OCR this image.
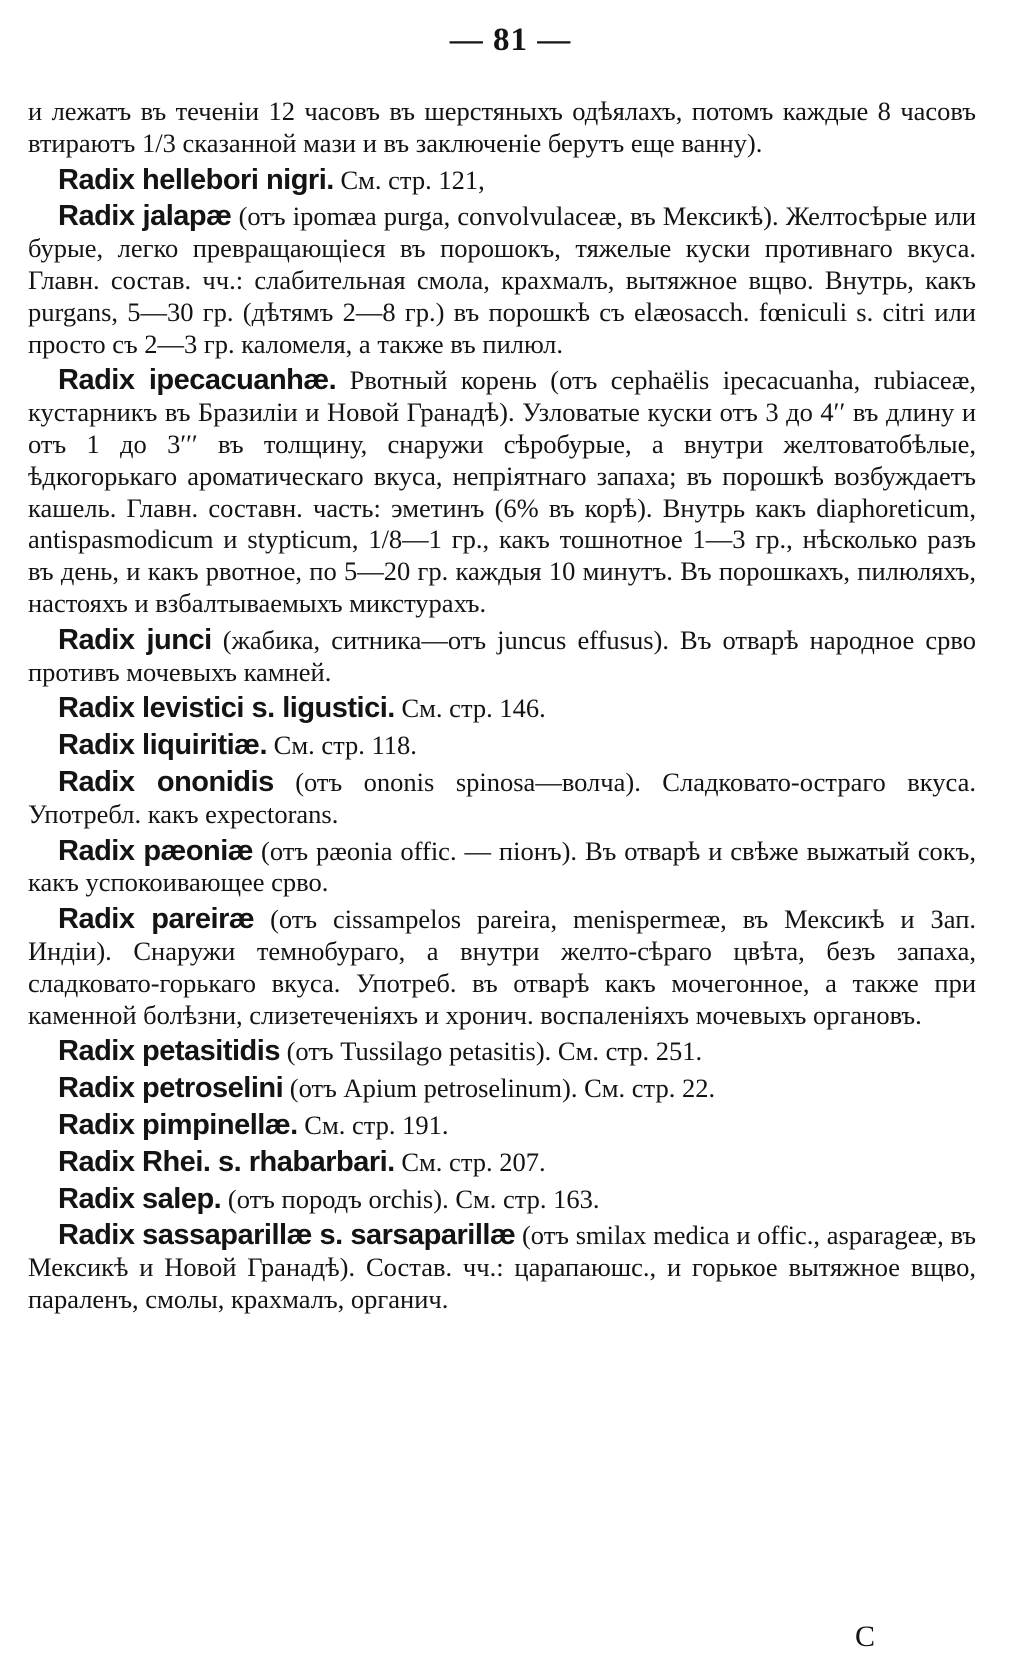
— 81 —

и лежатъ въ теченіи 12 часовъ въ шерстяныхъ одѣялахъ, потомъ каждые 8 часовъ втираютъ 1/3 сказанной мази и въ заключеніе берутъ еще ванну).

Radix hellebori nigri. См. стр. 121,

Radix jalapæ (отъ ipomæa purga, convolvulaceæ, въ Мексикѣ). Желтосѣрые или бурые, легко превращающіеся въ порошокъ, тяжелые куски противнаго вкуса. Главн. состав. чч.: слабительная смола, крахмалъ, вытяжное вщво. Внутрь, какъ purgans, 5—30 гр. (дѣтямъ 2—8 гр.) въ порошкѣ съ elæosacch. fœniculi s. citri или просто съ 2—3 гр. каломеля, а также въ пилюл.

Radix ipecacuanhæ. Рвотный корень (отъ cephaëlis ipecacuanha, rubiaceæ, кустарникъ въ Бразиліи и Новой Гранадѣ). Узловатые куски отъ 3 до 4′′ въ длину и отъ 1 до 3′′′ въ толщину, снаружи сѣробурые, а внутри желтоватобѣлые, ѣдкогорькаго ароматическаго вкуса, непріятнаго запаха; въ порошкѣ возбуждаетъ кашель. Главн. составн. часть: эметинъ (6% въ корѣ). Внутрь какъ diaphoreticum, antispasmodicum и stypticum, 1/8—1 гр., какъ тошнотное 1—3 гр., нѣсколько разъ въ день, и какъ рвотное, по 5—20 гр. каждыя 10 минутъ. Въ порошкахъ, пилюляхъ, настояхъ и взбалтываемыхъ микстурахъ.

Radix junci (жабика, ситника—отъ juncus effusus). Въ отварѣ народное срво противъ мочевыхъ камней.

Radix levistici s. ligustici. См. стр. 146.

Radix liquiritiæ. См. стр. 118.

Radix ononidis (отъ ononis spinosa—волча). Сладковато-остраго вкуса. Употребл. какъ expectorans.

Radix pæoniæ (отъ pæonia offic. — піонъ). Въ отварѣ и свѣже выжатый сокъ, какъ успокоивающее срво.

Radix pareiræ (отъ cissampelos pareira, menispermeæ, въ Мексикѣ и Зап. Индіи). Снаружи темнобураго, а внутри желто-сѣраго цвѣта, безъ запаха, сладковато-горькаго вкуса. Употреб. въ отварѣ какъ мочегонное, а также при каменной болѣзни, слизетеченіяхъ и хронич. воспаленіяхъ мочевыхъ органовъ.

Radix petasitidis (отъ Tussilago petasitis). См. стр. 251.

Radix petroselini (отъ Apium petroselinum). См. стр. 22.

Radix pimpinellæ. См. стр. 191.

Radix Rhei. s. rhabarbari. См. стр. 207.

Radix salep. (отъ породъ orchis). См. стр. 163.

Radix sassaparillæ s. sarsaparillæ (отъ smilax medica и offic., asparageæ, въ Мексикѣ и Новой Гранадѣ). Состав. чч.: царапаюшс., и горькое вытяжное вщво, параленъ, смолы, крахмалъ, органич.

С
